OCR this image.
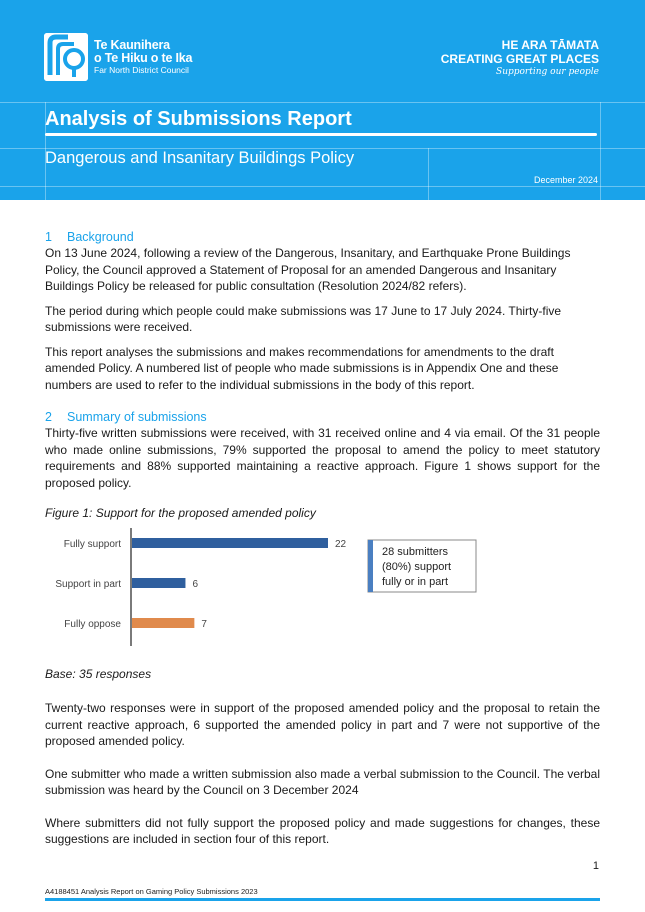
Te Kaunihera
o Te Hiku o te Ika
Far North District Council
HE ARA TĀMATA
CREATING GREAT PLACES
Supporting our people
Analysis of Submissions Report
Dangerous and Insanitary Buildings Policy
December 2024
1 Background

On 13 June 2024, following a review of the Dangerous, Insanitary, and Earthquake Prone Buildings Policy, the Council approved a Statement of Proposal for an amended Dangerous and Insanitary Buildings Policy be released for public consultation (Resolution 2024/82 refers).

The period during which people could make submissions was 17 June to 17 July 2024. Thirty-five submissions were received.

This report analyses the submissions and makes recommendations for amendments to the draft amended Policy. A numbered list of people who made submissions is in Appendix One and these numbers are used to refer to the individual submissions in the body of this report.

2 Summary of submissions

Thirty-five written submissions were received, with 31 received online and 4 via email. Of the 31 people who made online submissions, 79% supported the proposal to amend the policy to meet statutory requirements and 88% supported maintaining a reactive approach. Figure 1 shows support for the proposed policy.

Figure 1: Support for the proposed amended policy
Fully support	22
Support in part	6
Fully oppose	7
28 submitters
(80%) support
fully or in part
Base: 35 responses

Twenty-two responses were in support of the proposed amended policy and the proposal to retain the current reactive approach, 6 supported the amended policy in part and 7 were not supportive of the proposed amended policy.

One submitter who made a written submission also made a verbal submission to the Council. The verbal submission was heard by the Council on 3 December 2024

Where submitters did not fully support the proposed policy and made suggestions for changes, these suggestions are included in section four of this report.

1
A4188451 Analysis Report on Gaming Policy Submissions 2023
